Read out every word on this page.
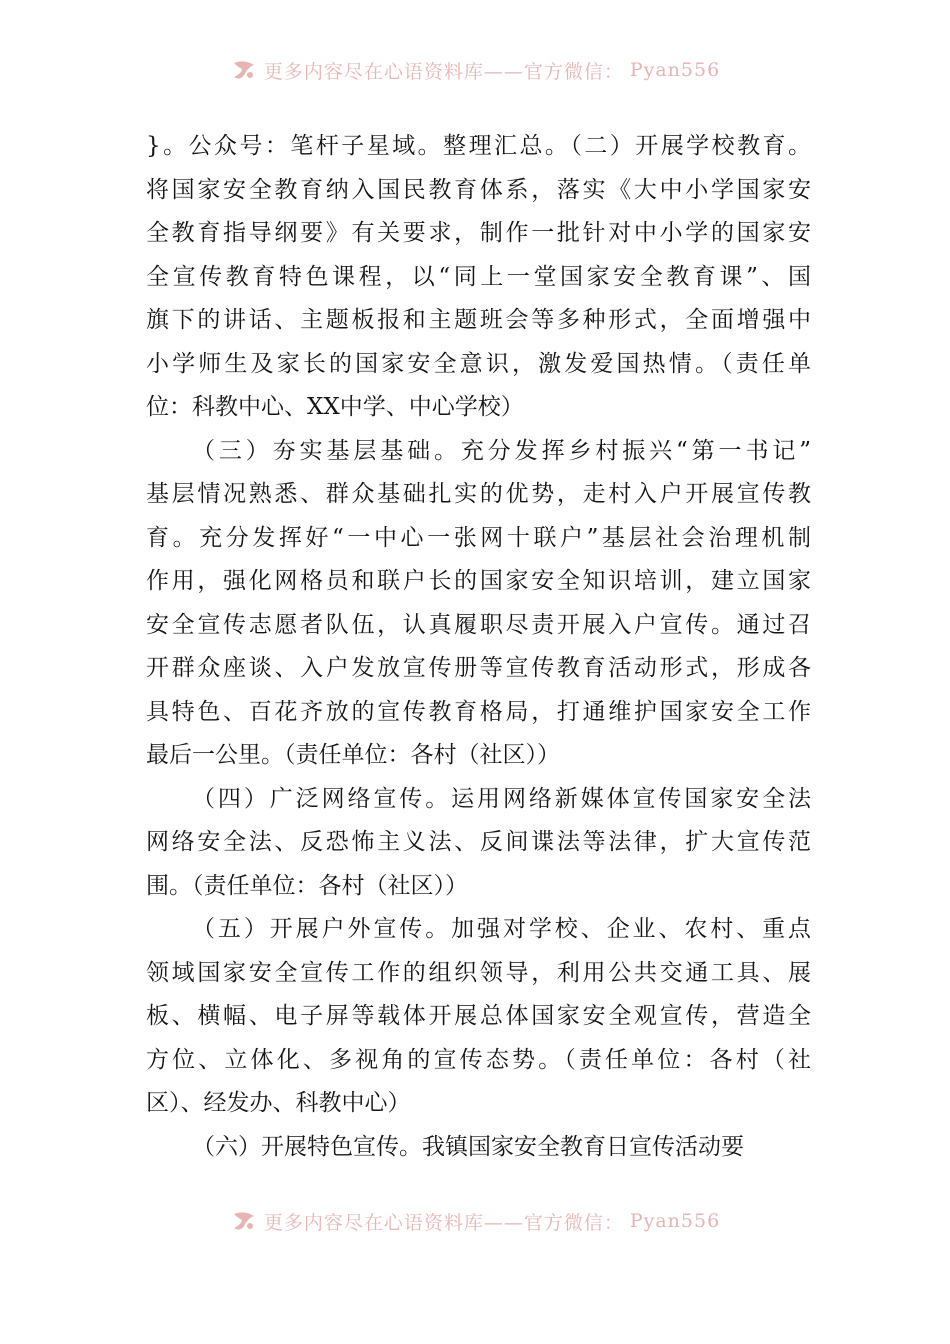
更多内容尽在心语资料库——官方微信： Pyan556
}。公众号：笔杆子星域。整理汇总。（二）开展学校教育。
将国家安全教育纳入国民教育体系，落实《大中小学国家安
全教育指导纲要》有关要求，制作一批针对中小学的国家安
全宣传教育特色课程，以“同上一堂国家安全教育课”、国
旗下的讲话、主题板报和主题班会等多种形式，全面增强中
小学师生及家长的国家安全意识，激发爱国热情。（责任单
位：科教中心、XX中学、中心学校）
（三）夯实基层基础。充分发挥乡村振兴“第一书记”
基层情况熟悉、群众基础扎实的优势，走村入户开展宣传教
育。充分发挥好“一中心一张网十联户”基层社会治理机制
作用，强化网格员和联户长的国家安全知识培训，建立国家
安全宣传志愿者队伍，认真履职尽责开展入户宣传。通过召
开群众座谈、入户发放宣传册等宣传教育活动形式，形成各
具特色、百花齐放的宣传教育格局，打通维护国家安全工作
最后一公里。（责任单位：各村（社区））
（四）广泛网络宣传。运用网络新媒体宣传国家安全法
网络安全法、反恐怖主义法、反间谍法等法律，扩大宣传范
围。（责任单位：各村（社区））
（五）开展户外宣传。加强对学校、企业、农村、重点
领域国家安全宣传工作的组织领导，利用公共交通工具、展
板、横幅、电子屏等载体开展总体国家安全观宣传，营造全
方位、立体化、多视角的宣传态势。（责任单位：各村（社
区）、经发办、科教中心）
（六）开展特色宣传。我镇国家安全教育日宣传活动要
更多内容尽在心语资料库——官方微信： Pyan556
